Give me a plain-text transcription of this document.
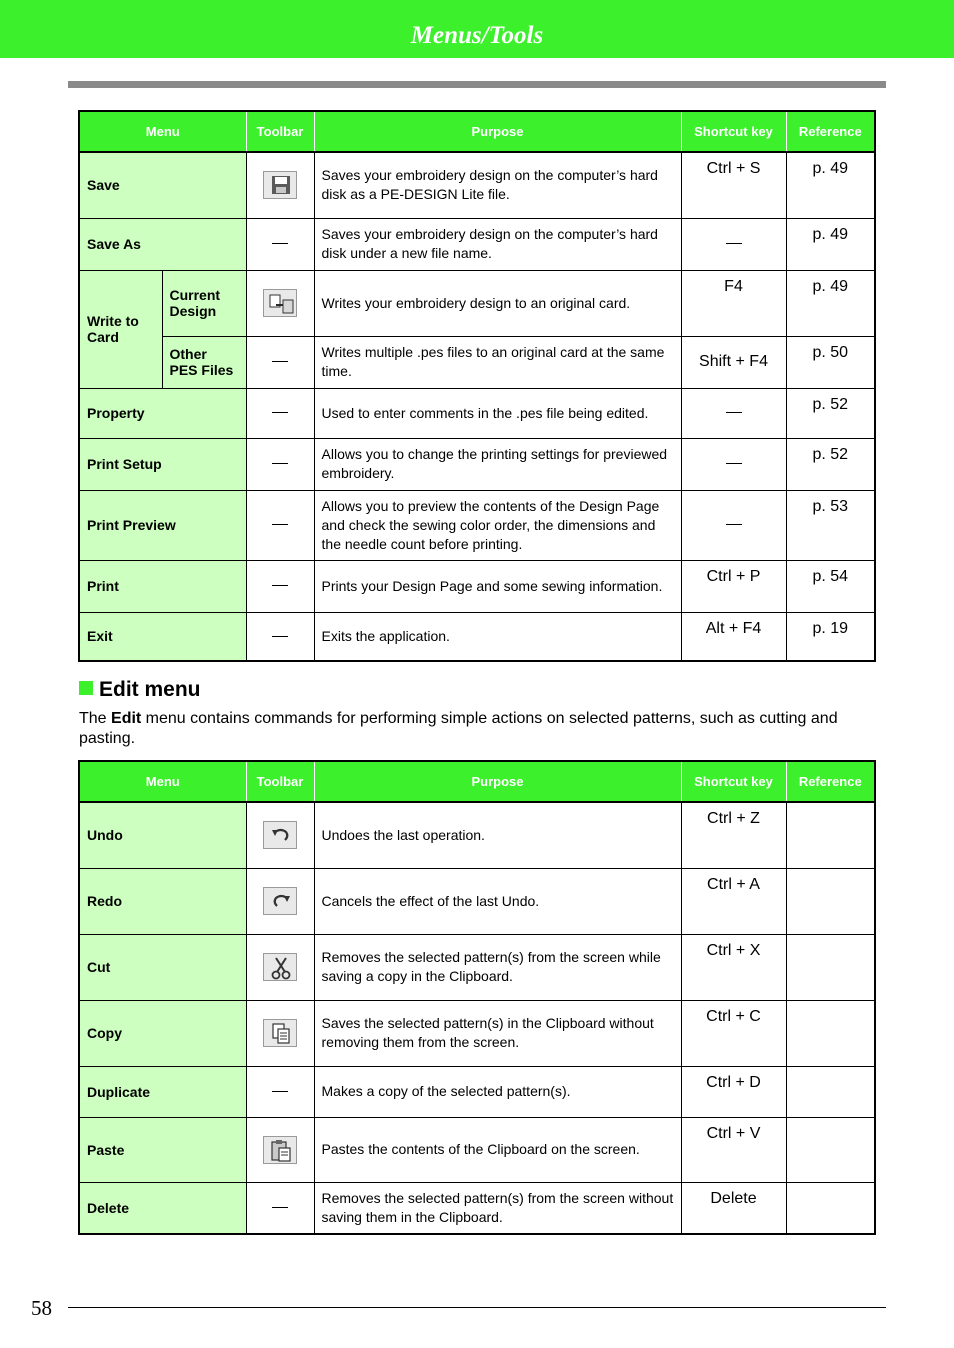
Menus/Tools
Menu		Toolbar	Purpose	Shortcut key	Reference
Save			Saves your embroidery design on the computer’s hard disk as a PE-DESIGN Lite file.	Ctrl + S	p. 49
Save As			Saves your embroidery design on the computer’s hard disk under a new file name.		p. 49
Write to Card	Current Design		Writes your embroidery design to an original card.	F4	p. 49
	Other PES Files		Writes multiple .pes files to an original card at the same time.	Shift + F4	p. 50
Property			Used to enter comments in the .pes file being edited.		p. 52
Print Setup			Allows you to change the printing settings for previewed embroidery.		p. 52
Print Preview			Allows you to preview the contents of the Design Page and check the sewing color order, the dimensions and the needle count before printing.		p. 53
Print			Prints your Design Page and some sewing information.	Ctrl + P	p. 54
Exit			Exits the application.	Alt + F4	p. 19
Edit menu
The Edit menu contains commands for performing simple actions on selected patterns, such as cutting and pasting.
Menu	Toolbar	Purpose	Shortcut key	Reference
Undo		Undoes the last operation.	Ctrl + Z	
Redo		Cancels the effect of the last Undo.	Ctrl + A	
Cut		Removes the selected pattern(s) from the screen while saving a copy in the Clipboard.	Ctrl + X	
Copy		Saves the selected pattern(s) in the Clipboard without removing them from the screen.	Ctrl + C	
Duplicate		Makes a copy of the selected pattern(s).	Ctrl + D	
Paste		Pastes the contents of the Clipboard on the screen.	Ctrl + V	
Delete		Removes the selected pattern(s) from the screen without saving them in the Clipboard.	Delete	
58
